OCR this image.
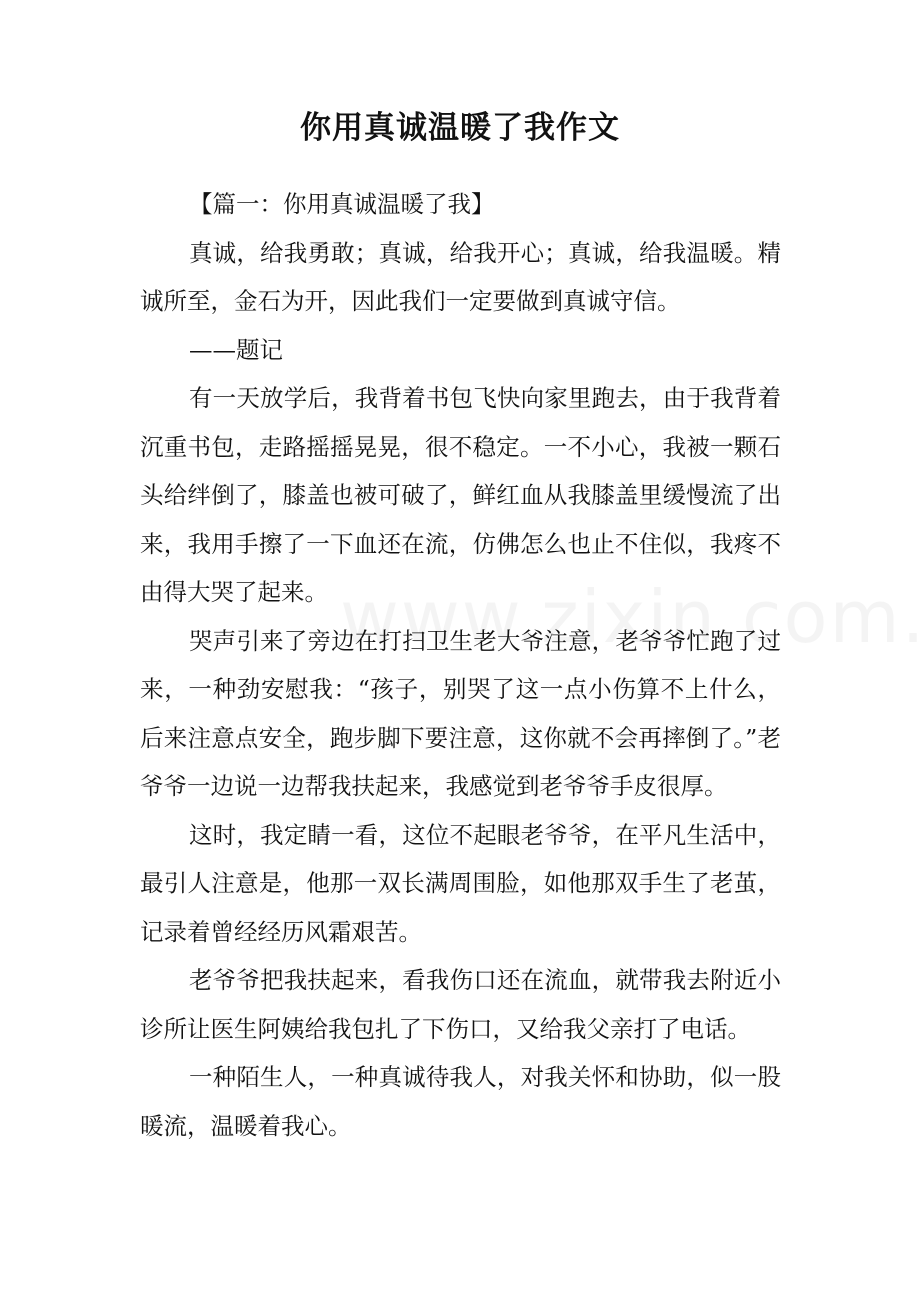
你用真诚温暖了我作文

【篇一：你用真诚温暖了我】

真诚，给我勇敢；真诚，给我开心；真诚，给我温暖。精诚所至，金石为开，因此我们一定要做到真诚守信。

——题记

有一天放学后，我背着书包飞快向家里跑去，由于我背着沉重书包，走路摇摇晃晃，很不稳定。一不小心，我被一颗石头给绊倒了，膝盖也被可破了，鲜红血从我膝盖里缓慢流了出来，我用手擦了一下血还在流，仿佛怎么也止不住似，我疼不由得大哭了起来。

哭声引来了旁边在打扫卫生老大爷注意，老爷爷忙跑了过来，一种劲安慰我：“孩子，别哭了这一点小伤算不上什么，后来注意点安全，跑步脚下要注意，这你就不会再摔倒了。”老爷爷一边说一边帮我扶起来，我感觉到老爷爷手皮很厚。

这时，我定睛一看，这位不起眼老爷爷，在平凡生活中，最引人注意是，他那一双长满周围脸，如他那双手生了老茧，记录着曾经经历风霜艰苦。

老爷爷把我扶起来，看我伤口还在流血，就带我去附近小诊所让医生阿姨给我包扎了下伤口，又给我父亲打了电话。

一种陌生人，一种真诚待我人，对我关怀和协助，似一股暖流，温暖着我心。
